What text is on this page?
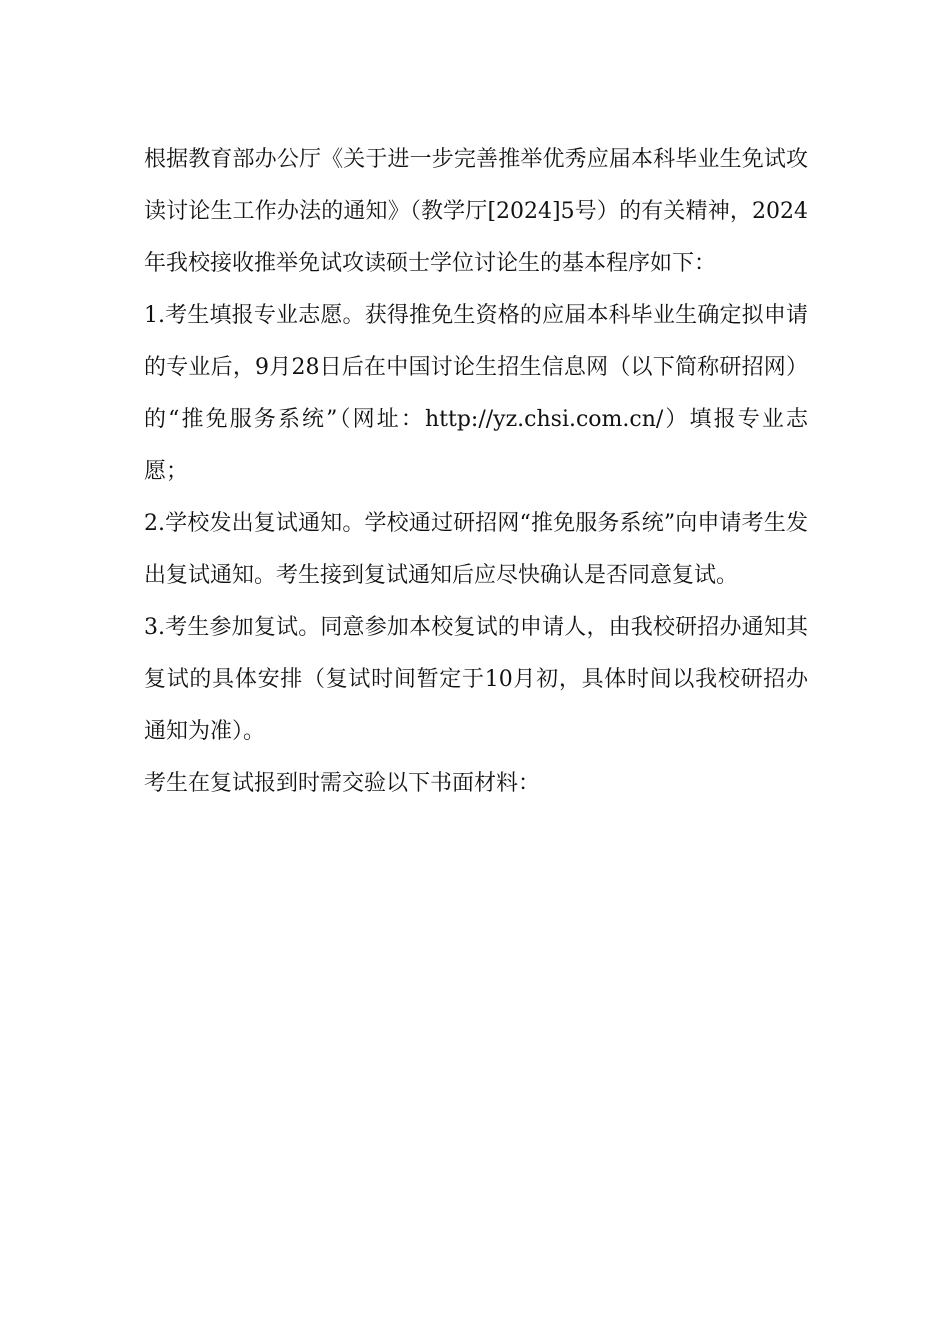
根据教育部办公厅《关于进一步完善推举优秀应届本科毕业生免试攻读讨论生工作办法的通知》（教学厅[2024]5号）的有关精神，2024年我校接收推举免试攻读硕士学位讨论生的基本程序如下：

1.考生填报专业志愿。获得推免生资格的应届本科毕业生确定拟申请的专业后，9月28日后在中国讨论生招生信息网（以下简称研招网）的“推免服务系统”（网址：http://yz.chsi.com.cn/）填报专业志愿；

2.学校发出复试通知。学校通过研招网“推免服务系统”向申请考生发出复试通知。考生接到复试通知后应尽快确认是否同意复试。

3.考生参加复试。同意参加本校复试的申请人，由我校研招办通知其复试的具体安排（复试时间暂定于10月初，具体时间以我校研招办通知为准）。

考生在复试报到时需交验以下书面材料：
